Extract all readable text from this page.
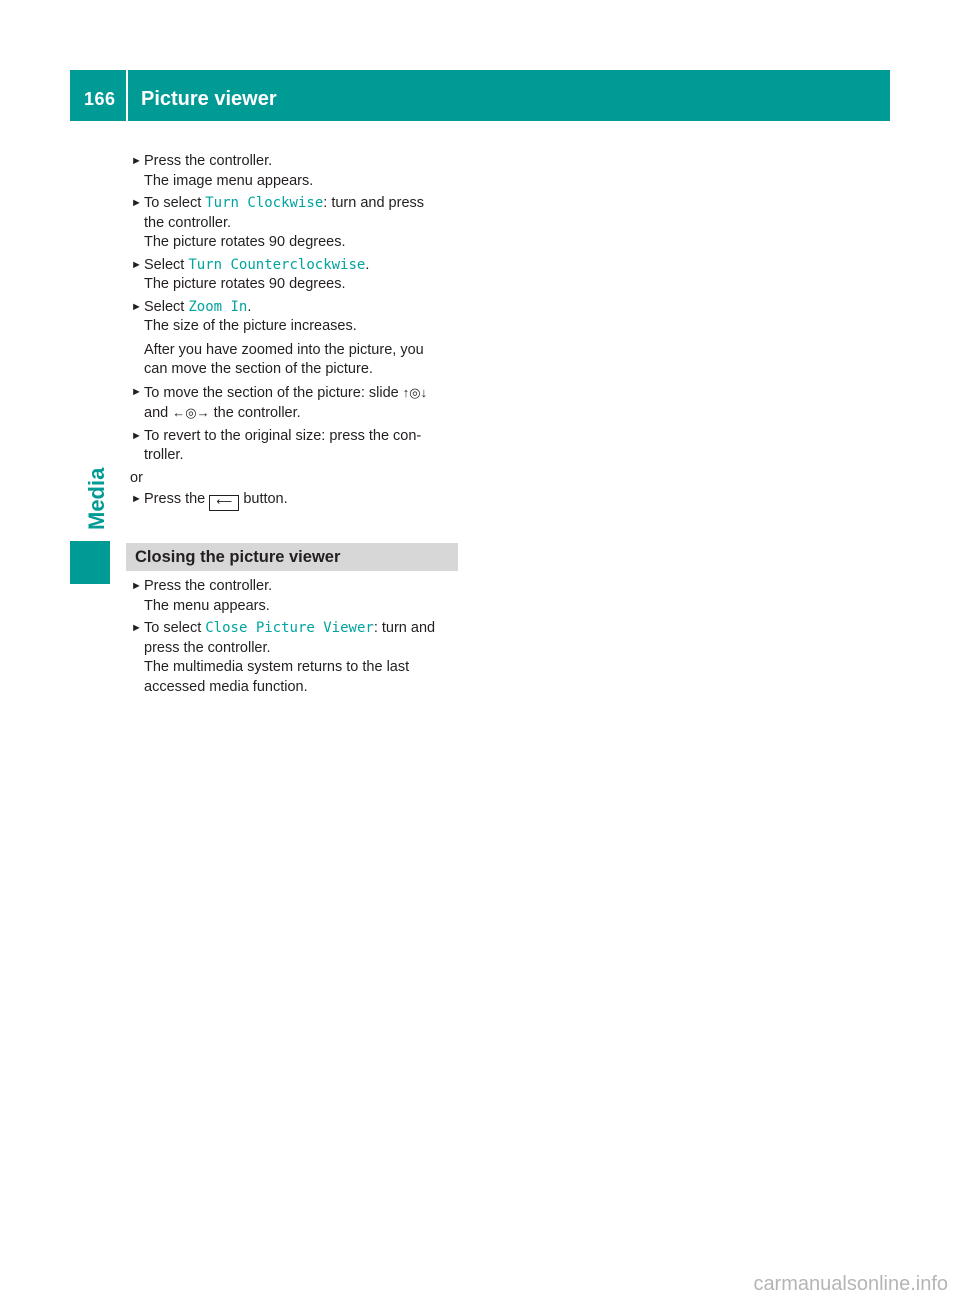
166 Picture viewer
Media
► Press the controller.
The image menu appears.
► To select Turn Clockwise: turn and press
the controller.
The picture rotates 90 degrees.
► Select Turn Counterclockwise.
The picture rotates 90 degrees.
► Select Zoom In.
The size of the picture increases.
After you have zoomed into the picture, you
can move the section of the picture.
► To move the section of the picture: slide ↑◎↓
and ←◎→ the controller.
► To revert to the original size: press the con-
troller.
or
► Press the ⟵ button.
Closing the picture viewer
► Press the controller.
The menu appears.
► To select Close Picture Viewer: turn and
press the controller.
The multimedia system returns to the last
accessed media function.
carmanualsonline.info
